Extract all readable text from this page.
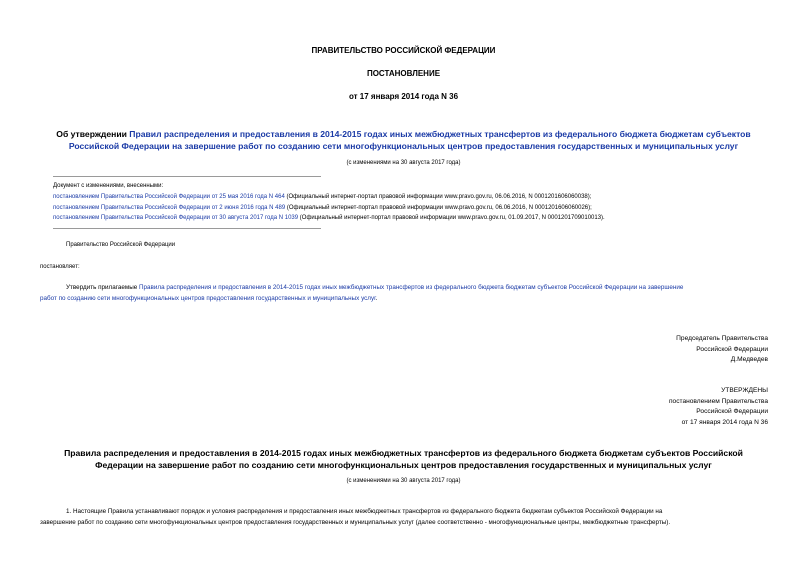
ПРАВИТЕЛЬСТВО РОССИЙСКОЙ ФЕДЕРАЦИИ
ПОСТАНОВЛЕНИЕ
от 17 января 2014 года N 36
Об утверждении Правил распределения и предоставления в 2014-2015 годах иных межбюджетных трансфертов из федерального бюджета бюджетам субъектов
Российской Федерации на завершение работ по созданию сети многофункциональных центров предоставления государственных и муниципальных услуг
(с изменениями на 30 августа 2017 года)
Документ с изменениями, внесенными:
постановлением Правительства Российской Федерации от 25 мая 2016 года N 464 (Официальный интернет-портал правовой информации www.pravo.gov.ru, 06.06.2016, N 0001201606060038);
постановлением Правительства Российской Федерации от 2 июня 2016 года N 489 (Официальный интернет-портал правовой информации www.pravo.gov.ru, 06.06.2016, N 0001201606060026);
постановлением Правительства Российской Федерации от 30 августа 2017 года N 1039 (Официальный интернет-портал правовой информации www.pravo.gov.ru, 01.09.2017, N 0001201709010013).
Правительство Российской Федерации
постановляет:
Утвердить прилагаемые Правила распределения и предоставления в 2014-2015 годах иных межбюджетных трансфертов из федерального бюджета бюджетам субъектов Российской Федерации на завершение
работ по созданию сети многофункциональных центров предоставления государственных и муниципальных услуг.
Председатель Правительства
Российской Федерации
Д.Медведев
УТВЕРЖДЕНЫ
постановлением Правительства
Российской Федерации
от 17 января 2014 года N 36
Правила распределения и предоставления в 2014-2015 годах иных межбюджетных трансфертов из федерального бюджета бюджетам субъектов Российской
Федерации на завершение работ по созданию сети многофункциональных центров предоставления государственных и муниципальных услуг
(с изменениями на 30 августа 2017 года)
1. Настоящие Правила устанавливают порядок и условия распределения и предоставления иных межбюджетных трансфертов из федерального бюджета бюджетам субъектов Российской Федерации на
завершение работ по созданию сети многофункциональных центров предоставления государственных и муниципальных услуг (далее соответственно - многофункциональные центры, межбюджетные трансферты).
